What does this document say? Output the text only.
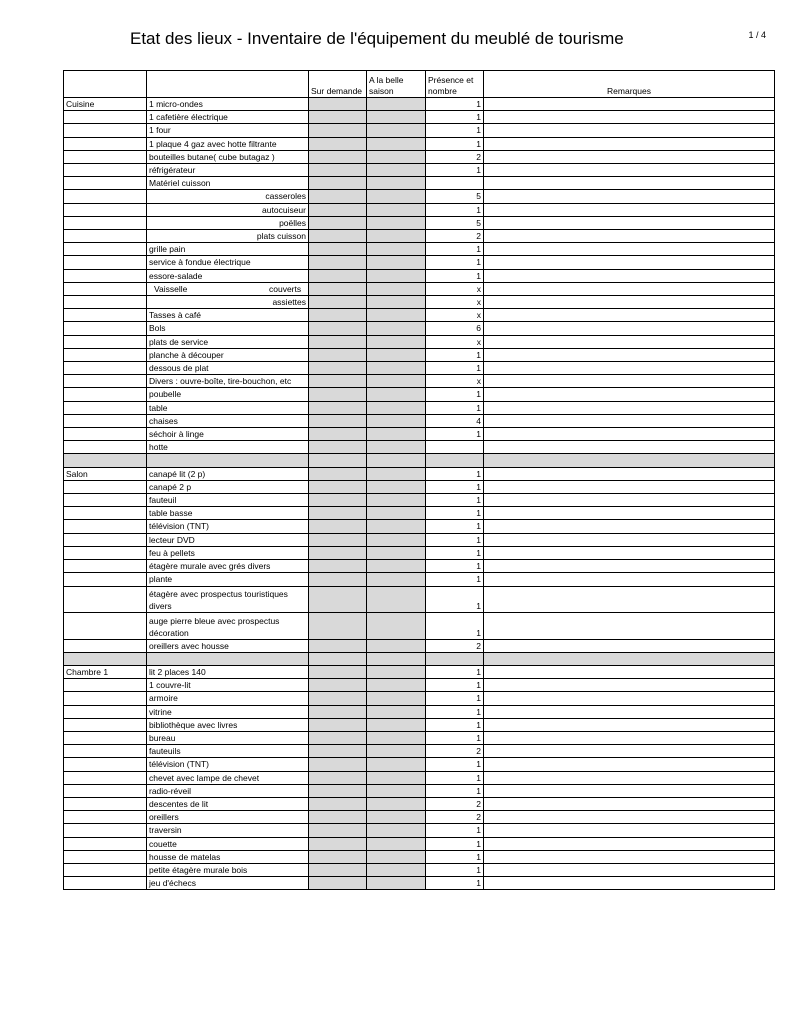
Etat des lieux - Inventaire de l'équipement du meublé de tourisme	1 / 4
		Sur demande	A la belle saison	Présence et nombre	Remarques
Cuisine	1 micro-ondes			1	
	1 cafetière électrique			1	
	1 four			1	
	1 plaque 4 gaz avec hotte filtrante			1	
	bouteilles butane( cube butagaz )			2	
	réfrigérateur			1	
	Matériel cuisson				
	casseroles			5	
	autocuiseur			1	
	poëlles			5	
	plats cuisson			2	
	grille pain			1	
	service à fondue électrique			1	
	essore-salade			1	
	Vaisselle couverts			x	
	assiettes			x	
	Tasses à café			x	
	Bols			6	
	plats de service			x	
	planche à découper			1	
	dessous de plat			1	
	Divers : ouvre-boîte, tire-bouchon, etc			x	
	poubelle			1	
	table			1	
	chaises			4	
	séchoir à linge			1	
	hotte				

Salon	canapé lit (2 p)			1	
	canapé 2 p			1	
	fauteuil			1	
	table basse			1	
	télévision (TNT)			1	
	lecteur DVD			1	
	feu à pellets			1	
	étagère murale avec grés divers			1	
	plante			1	
	étagère avec prospectus touristiques divers			1	
	auge pierre bleue avec prospectus décoration			1	
	oreillers avec housse			2	

Chambre 1	lit 2 places 140			1	
	1 couvre-lit			1	
	armoire			1	
	vitrine			1	
	bibliothèque avec livres			1	
	bureau			1	
	fauteuils			2	
	télévision (TNT)			1	
	chevet avec lampe de chevet			1	
	radio-réveil			1	
	descentes de lit			2	
	oreillers			2	
	traversin			1	
	couette			1	
	housse de matelas			1	
	petite étagère murale bois			1	
	jeu d'échecs			1	
